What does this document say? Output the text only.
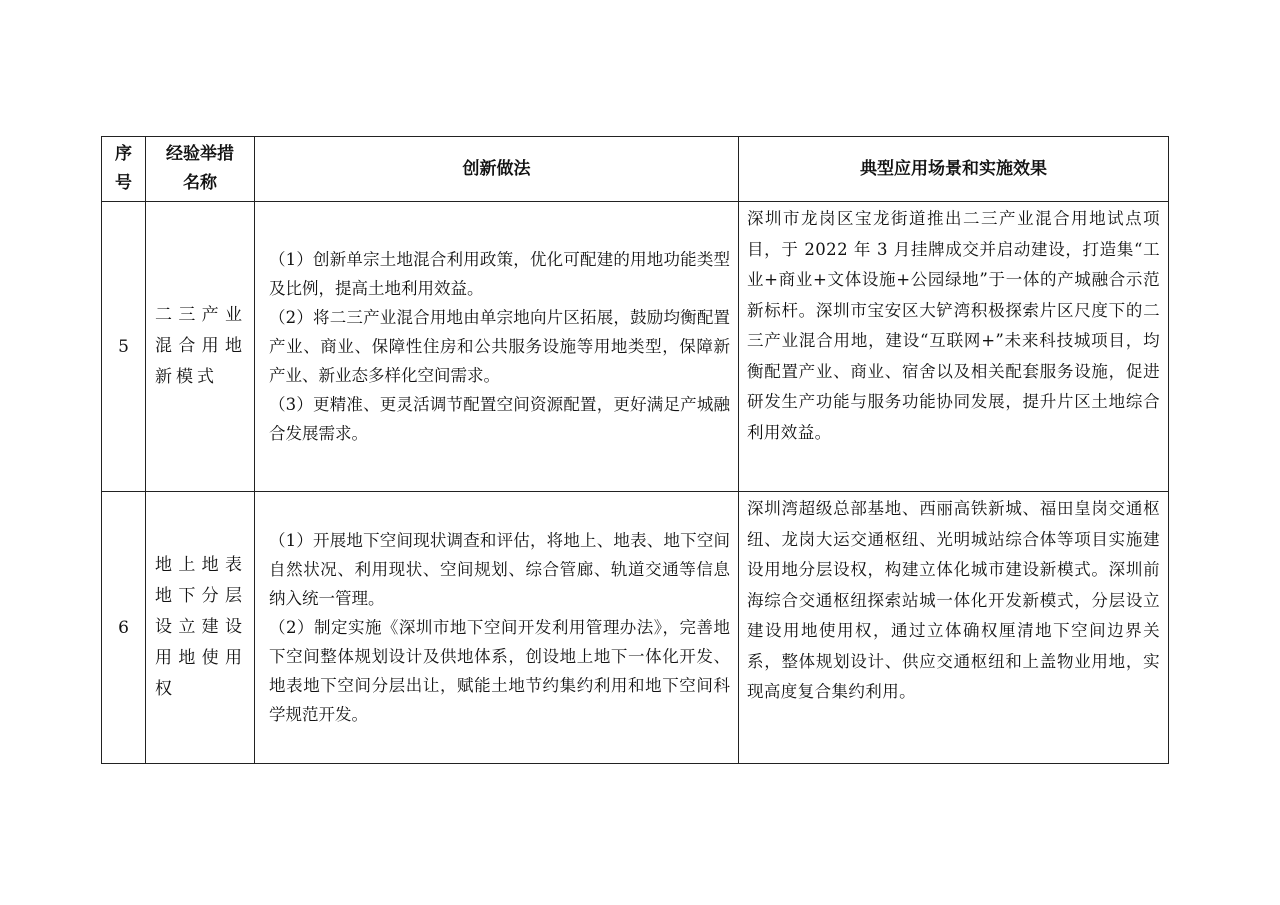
序
号	经验举措
名称	创新做法	典型应用场景和实施效果
5	二三产业混合用地新模式	（1）创新单宗土地混合利用政策，优化可配建的用地功能类型及比例，提高土地利用效益。

（2）将二三产业混合用地由单宗地向片区拓展，鼓励均衡配置产业、商业、保障性住房和公共服务设施等用地类型，保障新产业、新业态多样化空间需求。

（3）更精准、更灵活调节配置空间资源配置，更好满足产城融合发展需求。	深圳市龙岗区宝龙街道推出二三产业混合用地试点项目，于 2022 年 3 月挂牌成交并启动建设，打造集“工业+商业+文体设施+公园绿地”于一体的产城融合示范新标杆。深圳市宝安区大铲湾积极探索片区尺度下的二三产业混合用地，建设“互联网+”未来科技城项目，均衡配置产业、商业、宿舍以及相关配套服务设施，促进研发生产功能与服务功能协同发展，提升片区土地综合利用效益。
6	地上地表地下分层设立建设用地使用权	（1）开展地下空间现状调查和评估，将地上、地表、地下空间自然状况、利用现状、空间规划、综合管廊、轨道交通等信息纳入统一管理。

（2）制定实施《深圳市地下空间开发利用管理办法》，完善地下空间整体规划设计及供地体系，创设地上地下一体化开发、地表地下空间分层出让，赋能土地节约集约利用和地下空间科学规范开发。	深圳湾超级总部基地、西丽高铁新城、福田皇岗交通枢纽、龙岗大运交通枢纽、光明城站综合体等项目实施建设用地分层设权，构建立体化城市建设新模式。深圳前海综合交通枢纽探索站城一体化开发新模式，分层设立建设用地使用权，通过立体确权厘清地下空间边界关系，整体规划设计、供应交通枢纽和上盖物业用地，实现高度复合集约利用。
